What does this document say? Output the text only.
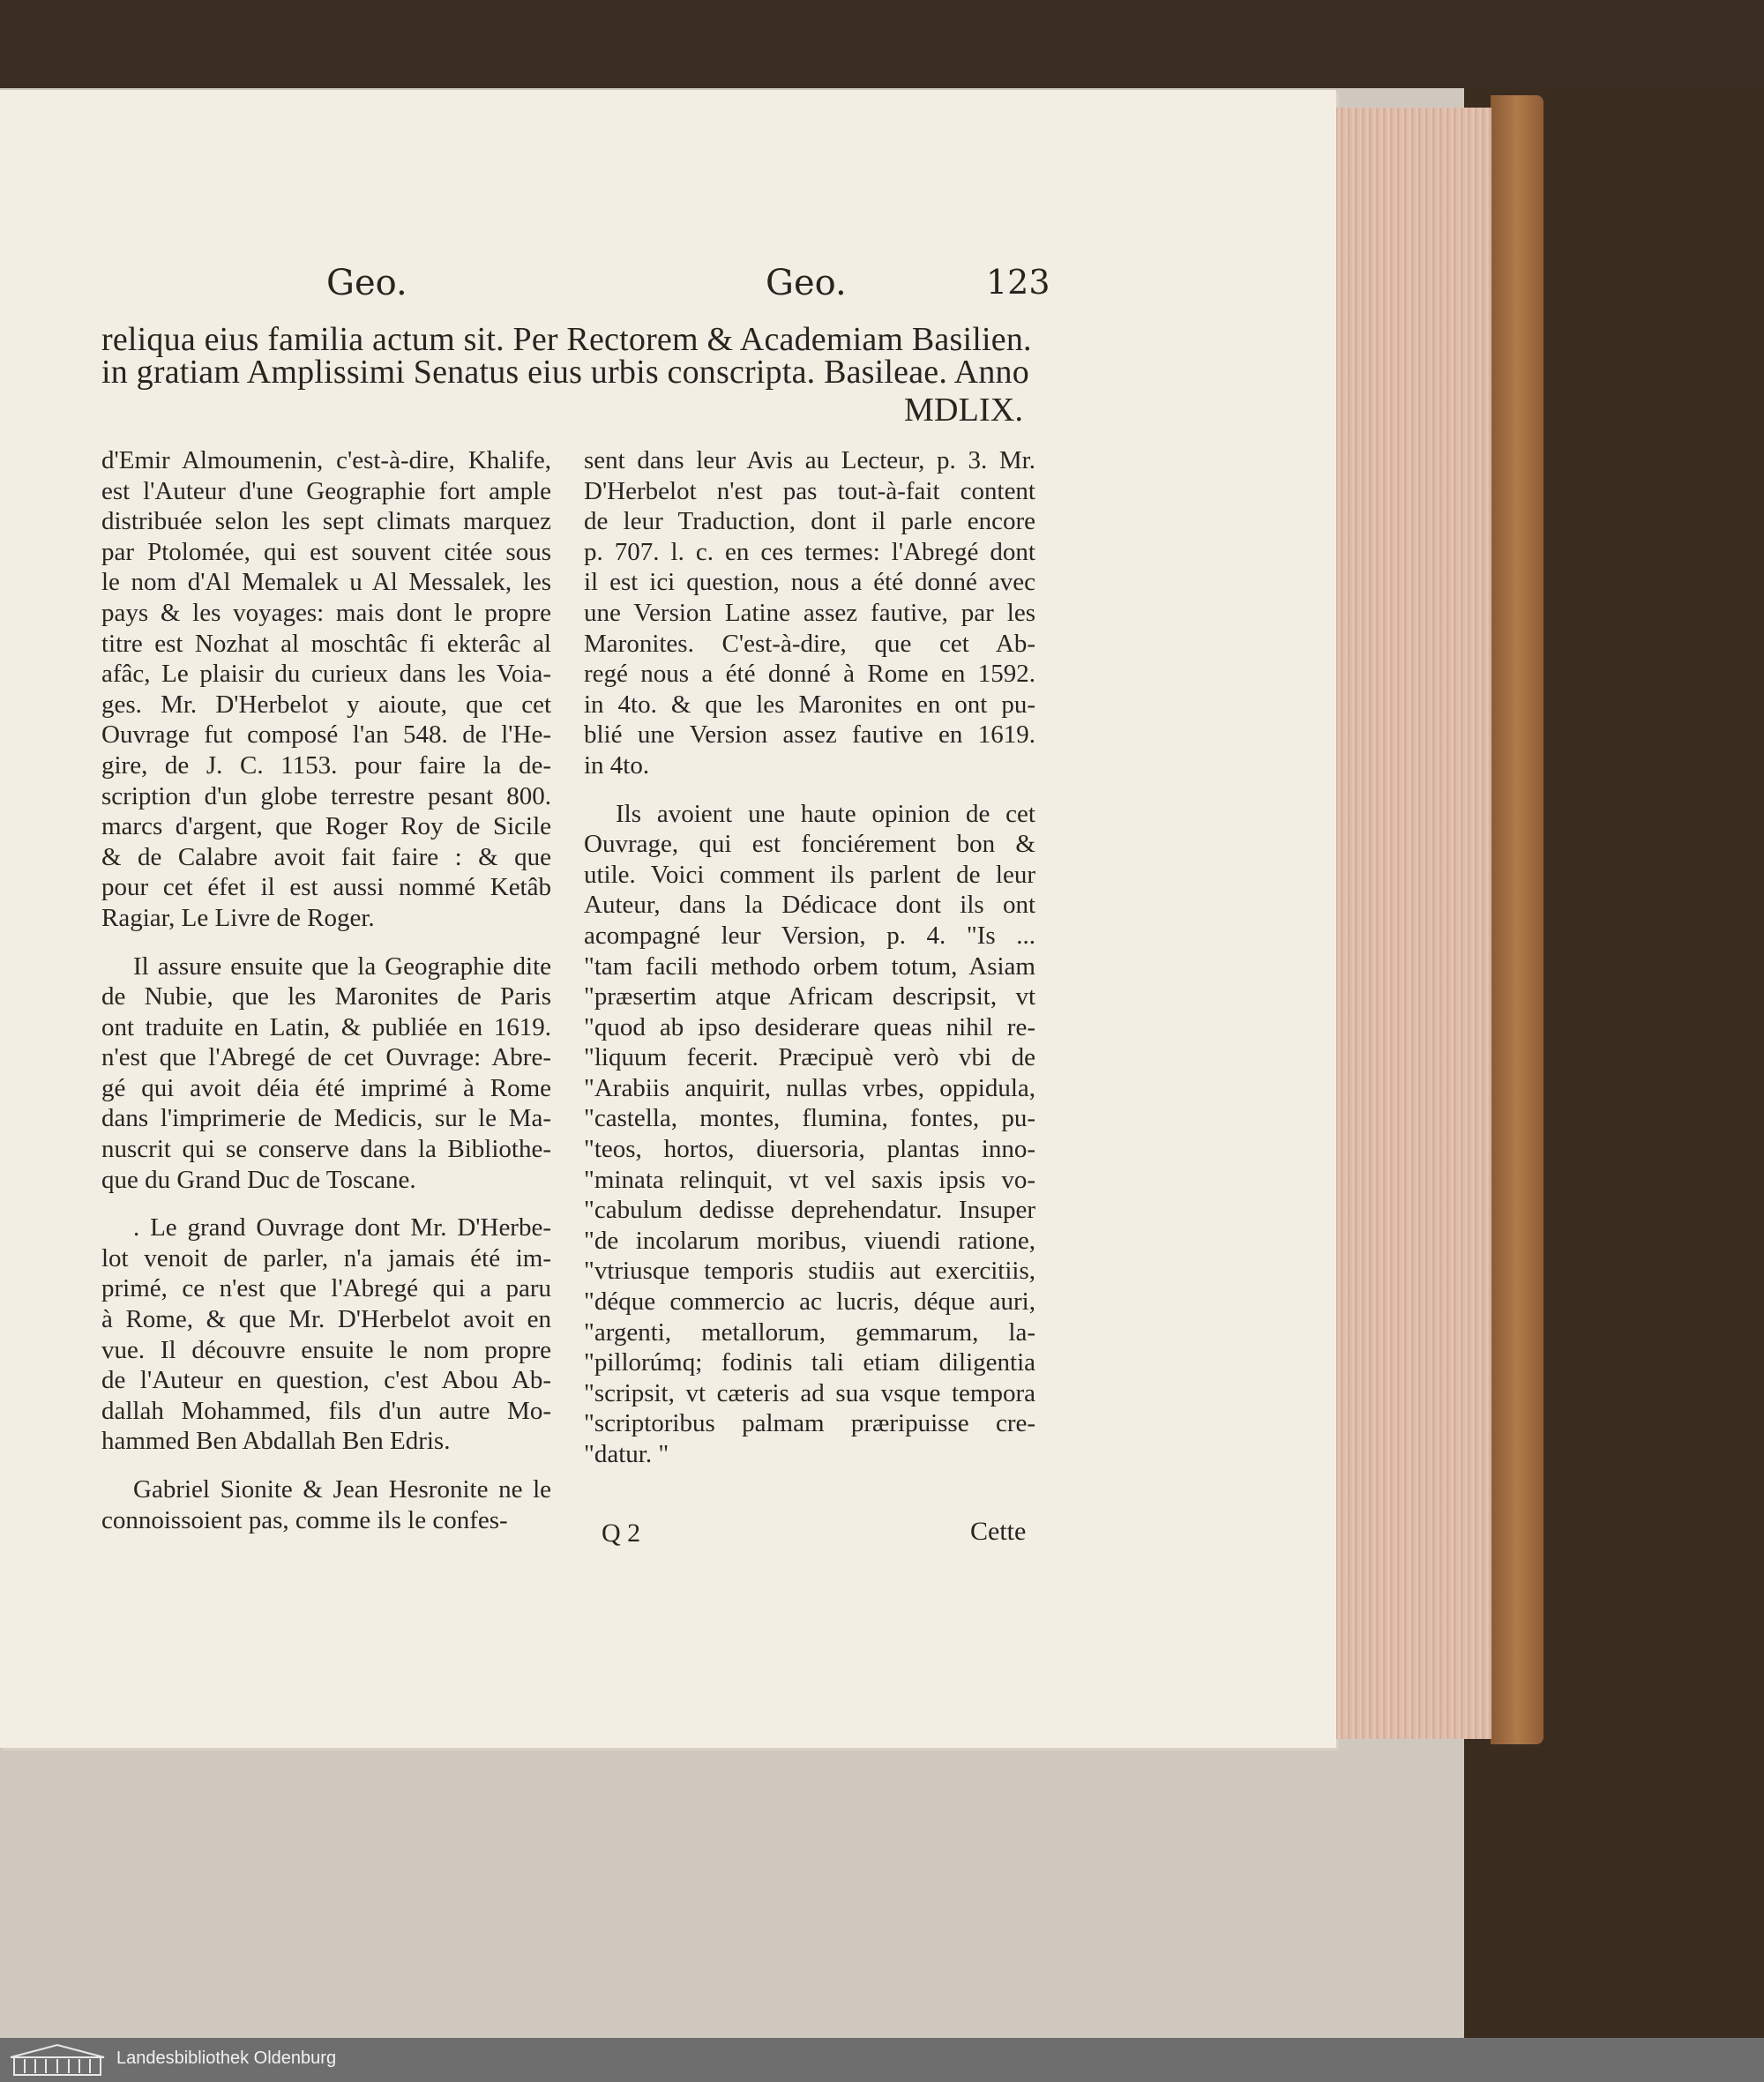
Geo.	Geo.	123
reliqua eius familia actum sit. Per Rectorem & Academiam Basilien.
in gratiam Amplissimi Senatus eius urbis conscripta. Basileae. Anno
MDLIX.
d'Emir Almoumenin, c'est-à-dire, Khalife,
est l'Auteur d'une Geographie fort ample
distribuée selon les sept climats marquez
par Ptolomée, qui est souvent citée sous
le nom d'Al Memalek u Al Messalek, les
pays & les voyages: mais dont le propre
titre est Nozhat al moschtâc fi ekterâc al
afâc, Le plaisir du curieux dans les Voia-
ges. Mr. D'Herbelot y aioute, que cet
Ouvrage fut composé l'an 548. de l'He-
gire, de J. C. 1153. pour faire la de-
scription d'un globe terrestre pesant 800.
marcs d'argent, que Roger Roy de Sicile
& de Calabre avoit fait faire : & que
pour cet éfet il est aussi nommé Ketâb
Ragiar, Le Livre de Roger.
Il assure ensuite que la Geographie dite
de Nubie, que les Maronites de Paris
ont traduite en Latin, & publiée en 1619.
n'est que l'Abregé de cet Ouvrage: Abre-
gé qui avoit déia été imprimé à Rome
dans l'imprimerie de Medicis, sur le Ma-
nuscrit qui se conserve dans la Bibliothe-
que du Grand Duc de Toscane.
. Le grand Ouvrage dont Mr. D'Herbe-
lot venoit de parler, n'a jamais été im-
primé, ce n'est que l'Abregé qui a paru
à Rome, & que Mr. D'Herbelot avoit en
vue. Il découvre ensuite le nom propre
de l'Auteur en question, c'est Abou Ab-
dallah Mohammed, fils d'un autre Mo-
hammed Ben Abdallah Ben Edris.
Gabriel Sionite & Jean Hesronite ne le
connoissoient pas, comme ils le confes-
sent dans leur Avis au Lecteur, p. 3. Mr.
D'Herbelot n'est pas tout-à-fait content
de leur Traduction, dont il parle encore
p. 707. l. c. en ces termes: l'Abregé dont
il est ici question, nous a été donné avec
une Version Latine assez fautive, par les
Maronites. C'est-à-dire, que cet Ab-
regé nous a été donné à Rome en 1592.
in 4to. & que les Maronites en ont pu-
blié une Version assez fautive en 1619.
in 4to.
Ils avoient une haute opinion de cet
Ouvrage, qui est fonciérement bon &
utile. Voici comment ils parlent de leur
Auteur, dans la Dédicace dont ils ont
acompagné leur Version, p. 4. "Is ...
"tam facili methodo orbem totum, Asiam
"præsertim atque Africam descripsit, vt
"quod ab ipso desiderare queas nihil re-
"liquum fecerit. Præcipuè verò vbi de
"Arabiis anquirit, nullas vrbes, oppidula,
"castella, montes, flumina, fontes, pu-
"teos, hortos, diuersoria, plantas inno-
"minata relinquit, vt vel saxis ipsis vo-
"cabulum dedisse deprehendatur. Insuper
"de incolarum moribus, viuendi ratione,
"vtriusque temporis studiis aut exercitiis,
"déque commercio ac lucris, déque auri,
"argenti, metallorum, gemmarum, la-
"pillorúmq; fodinis tali etiam diligentia
"scripsit, vt cæteris ad sua vsque tempora
"scriptoribus palmam præripuisse cre-
"datur. "
Q 2	Cette
Landesbibliothek Oldenburg
